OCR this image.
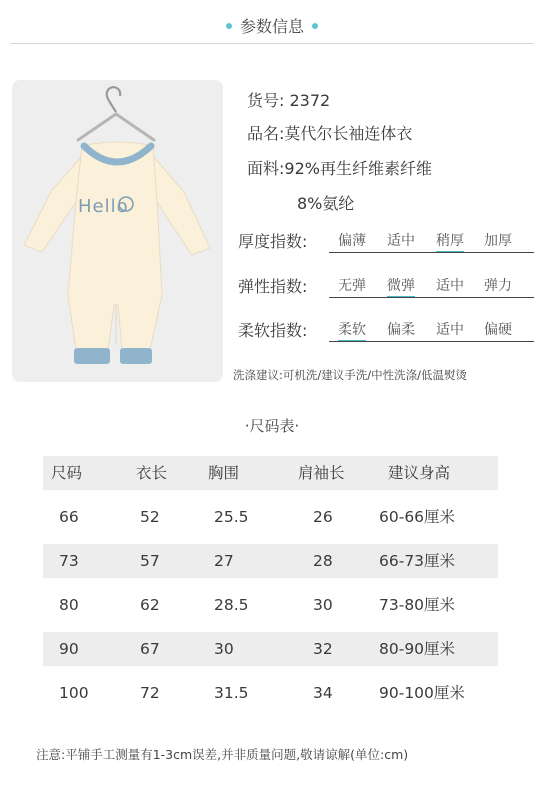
参数信息
Hello
货号: 2372
品名:莫代尔长袖连体衣
面料:92%再生纤维素纤维
8%氨纶
厚度指数: 偏薄 适中 稍厚 加厚
弹性指数: 无弹 微弹 适中 弹力
柔软指数: 柔软 偏柔 适中 偏硬
洗涤建议:可机洗/建议手洗/中性洗涤/低温熨烫
·尺码表·
尺码	衣长	胸围	肩袖长	建议身高
66	52	25.5	26	60-66厘米
73	57	27	28	66-73厘米
80	62	28.5	30	73-80厘米
90	67	30	32	80-90厘米
100	72	31.5	34	90-100厘米
注意:平铺手工测量有1-3cm误差,并非质量问题,敬请谅解(单位:cm)
